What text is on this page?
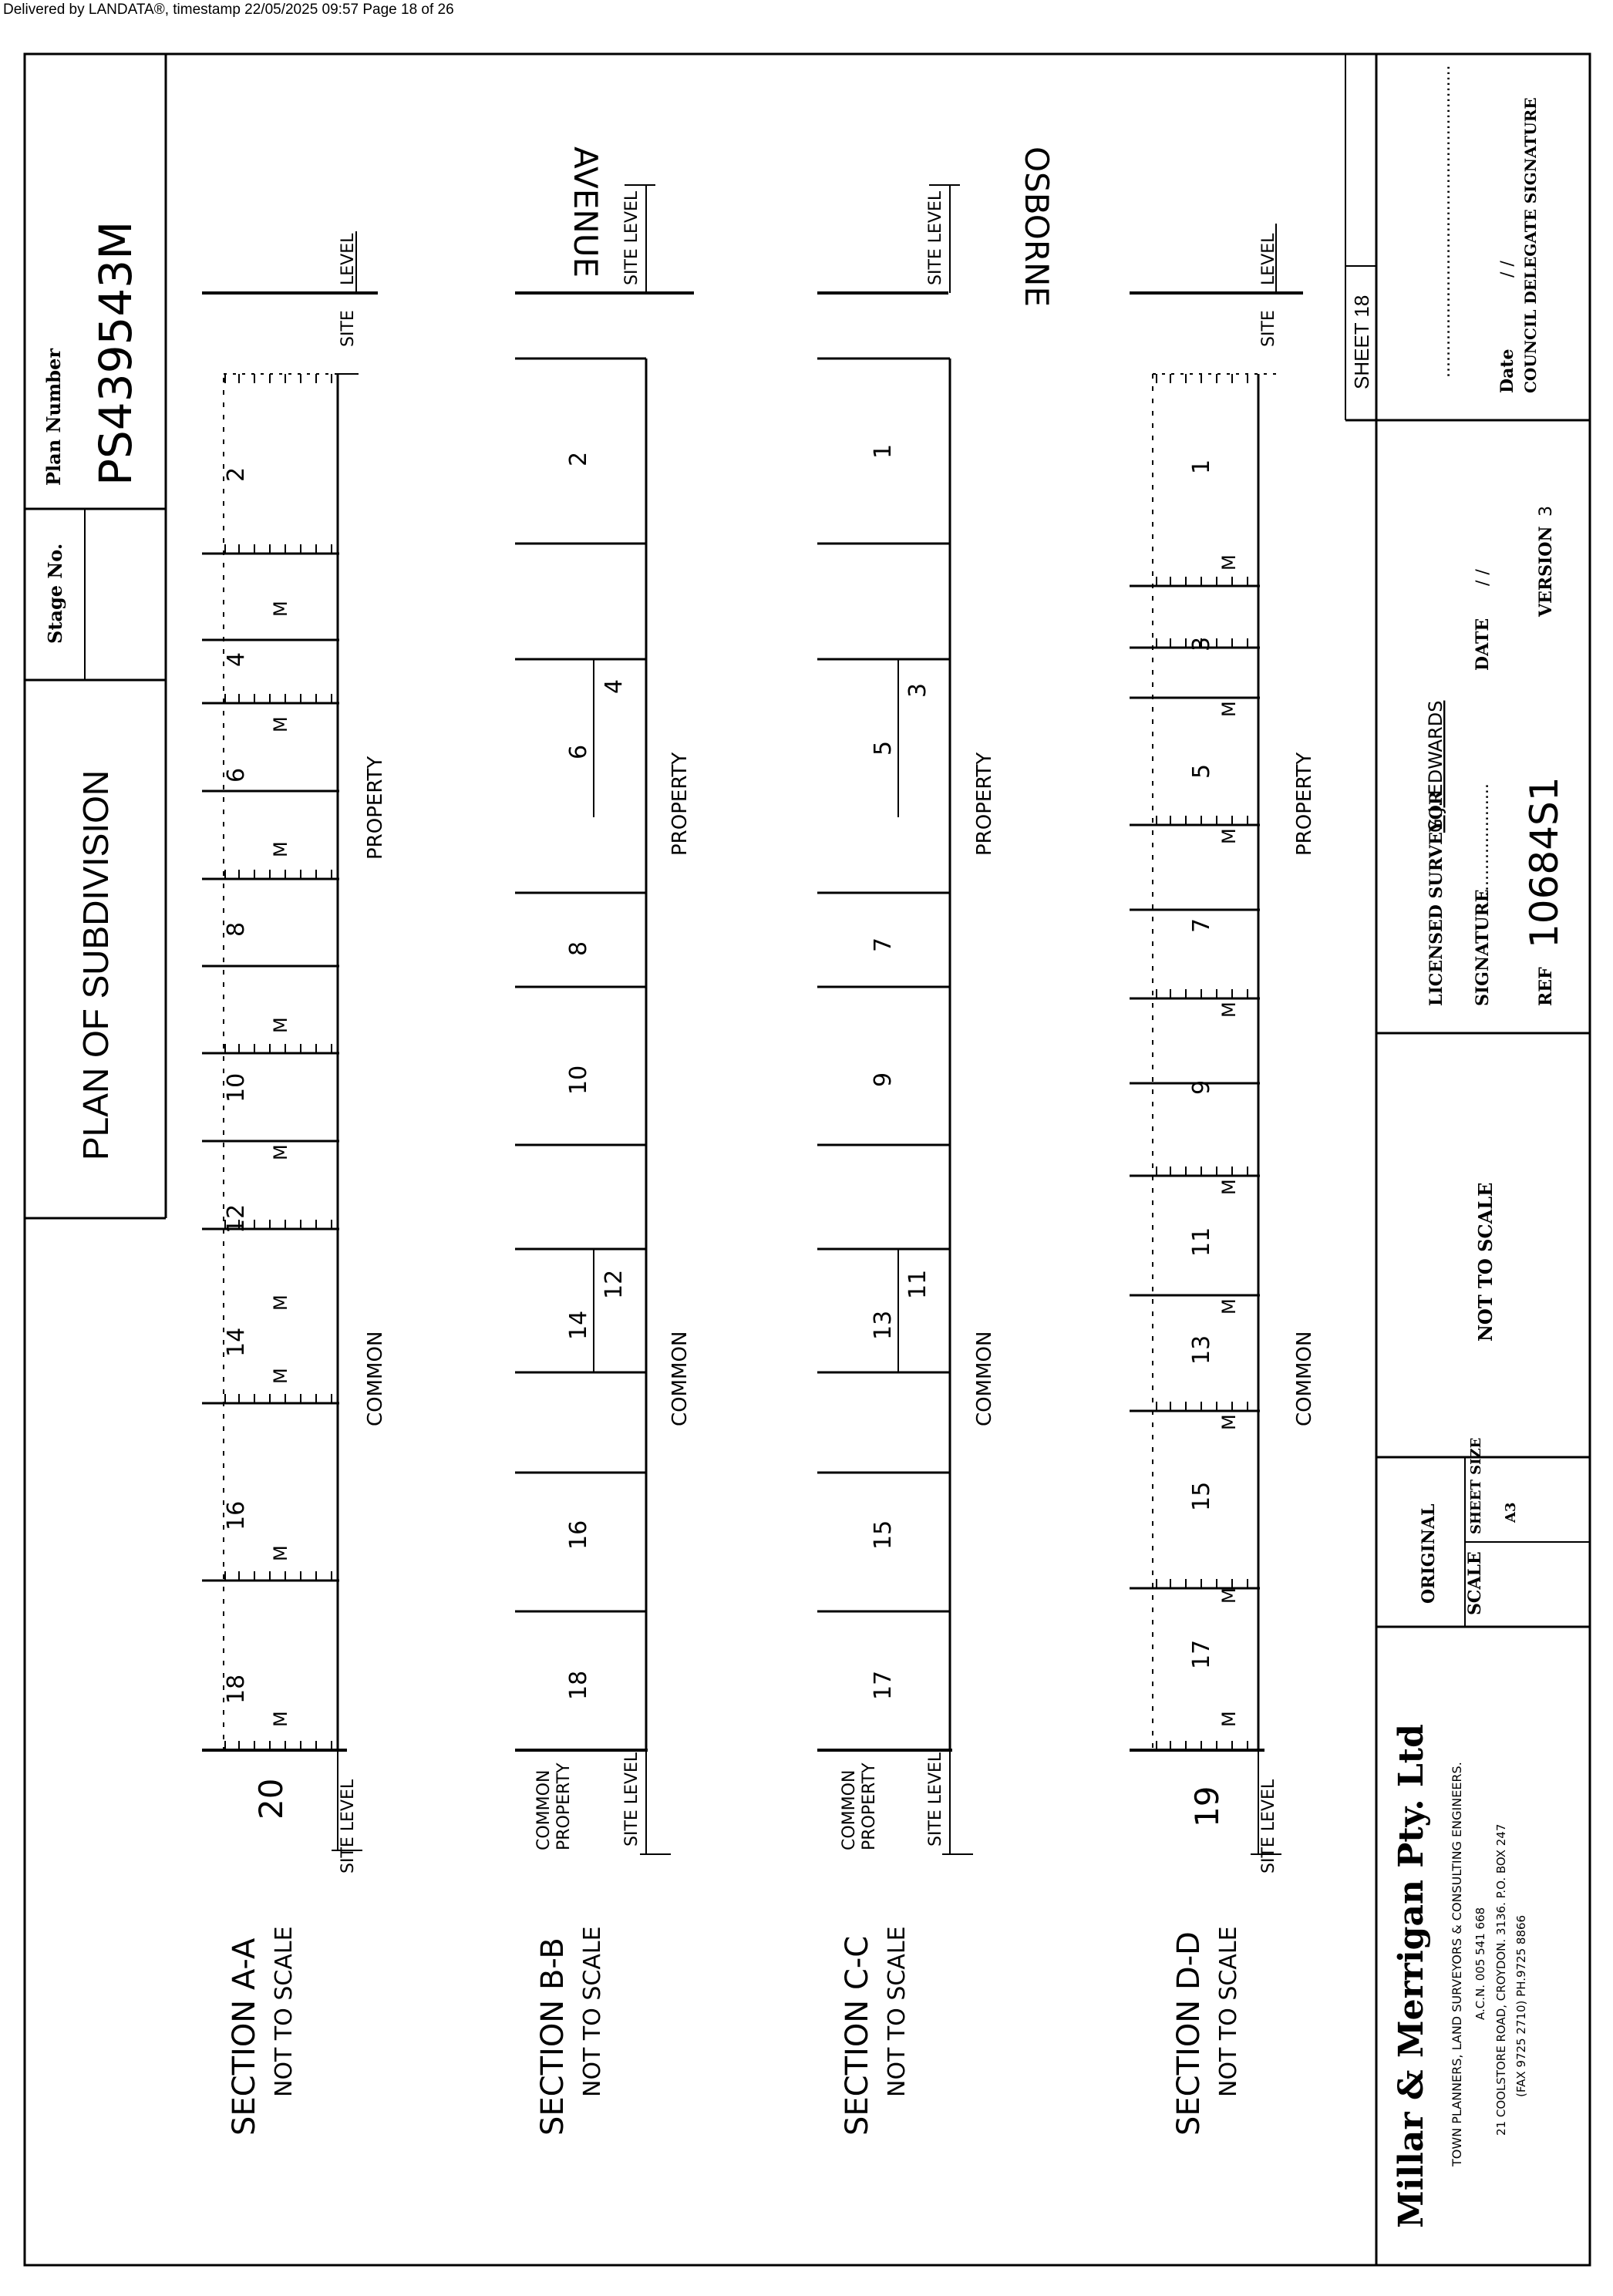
Delivered by LANDATA®, timestamp 22/05/2025 09:57 Page 18 of 26
PLAN OF SUBDIVISION
Stage No.
Plan Number PS439543M
18
16
14
12
10
8
6
4
2
M
M
M
M
M
M
M
M
M
20	SITE LEVEL
SITE
LEVEL
PROPERTY
COMMON
SECTION A-A NOT TO SCALE
18
16
14
12
10
8
6
4
2
COMMON PROPERTY	SITE LEVEL
SITE LEVEL
PROPERTY
COMMON
SECTION B-B NOT TO SCALE
AVENUE
17
15
13
11
9
7
5
3
1
COMMON PROPERTY	SITE LEVEL
SITE LEVEL
PROPERTY
COMMON
SECTION C-C NOT TO SCALE
OSBORNE
17
15
13
11
9
7
5
3
1
M
M
M
M
M
M
M
M
M
19 SITE LEVEL
SITE
LEVEL
PROPERTY
COMMON
SECTION D-D NOT TO SCALE
SHEET 18	..........................................................	Date
/ / COUNCIL DELEGATE SIGNATURE
LICENSED SURVEYOR
G.J. EDWARDS
SIGNATURE
......................
DATE
/ /
REF
10684S1
VERSION
3
NOT TO SCALE
ORIGINAL SCALE
SHEET SIZE A3
Millar & Merrigan Pty. Ltd TOWN PLANNERS, LAND SURVEYORS & CONSULTING ENGINEERS. A.C.N. 005 541 668 21 COOLSTORE ROAD, CROYDON. 3136. P.O. BOX 247 (FAX 9725 2710) PH.9725 8866
